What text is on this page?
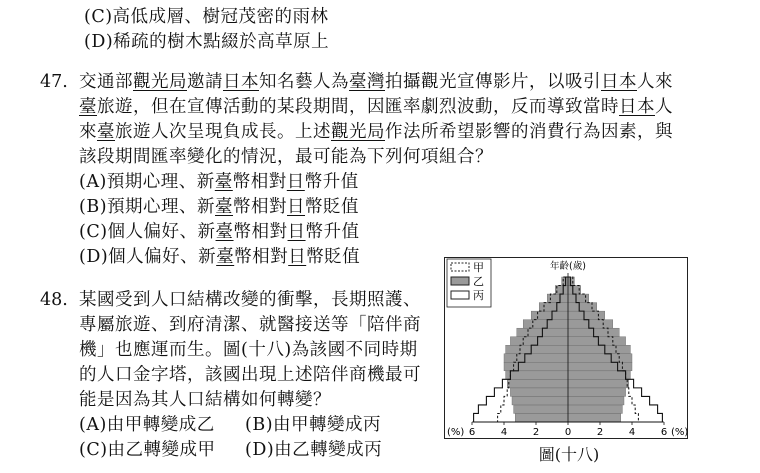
(C)高低成層、樹冠茂密的雨林
(D)稀疏的樹木點綴於高草原上
47. 交通部觀光局邀請日本知名藝人為臺灣拍攝觀光宣傳影片，以吸引日本人來
臺旅遊，但在宣傳活動的某段期間，因匯率劇烈波動，反而導致當時日本人
來臺旅遊人次呈現負成長。上述觀光局作法所希望影響的消費行為因素，與
該段期間匯率變化的情況，最可能為下列何項組合？
(A)預期心理、新臺幣相對日幣升值
(B)預期心理、新臺幣相對日幣貶值
(C)個人偏好、新臺幣相對日幣升值
(D)個人偏好、新臺幣相對日幣貶值
48. 某國受到人口結構改變的衝擊，長期照護、
專屬旅遊、到府清潔、就醫接送等「陪伴商
機」也應運而生。圖(十八)為該國不同時期
的人口金字塔，該國出現上述陪伴商機最可
能是因為其人口結構如何轉變？
(A)由甲轉變成乙 (B)由甲轉變成丙
(C)由乙轉變成甲 (D)由乙轉變成丙
甲
乙
丙
年齡(歲)
(%)	(%)
6	4	2	0	2	4	6
圖(十八)
